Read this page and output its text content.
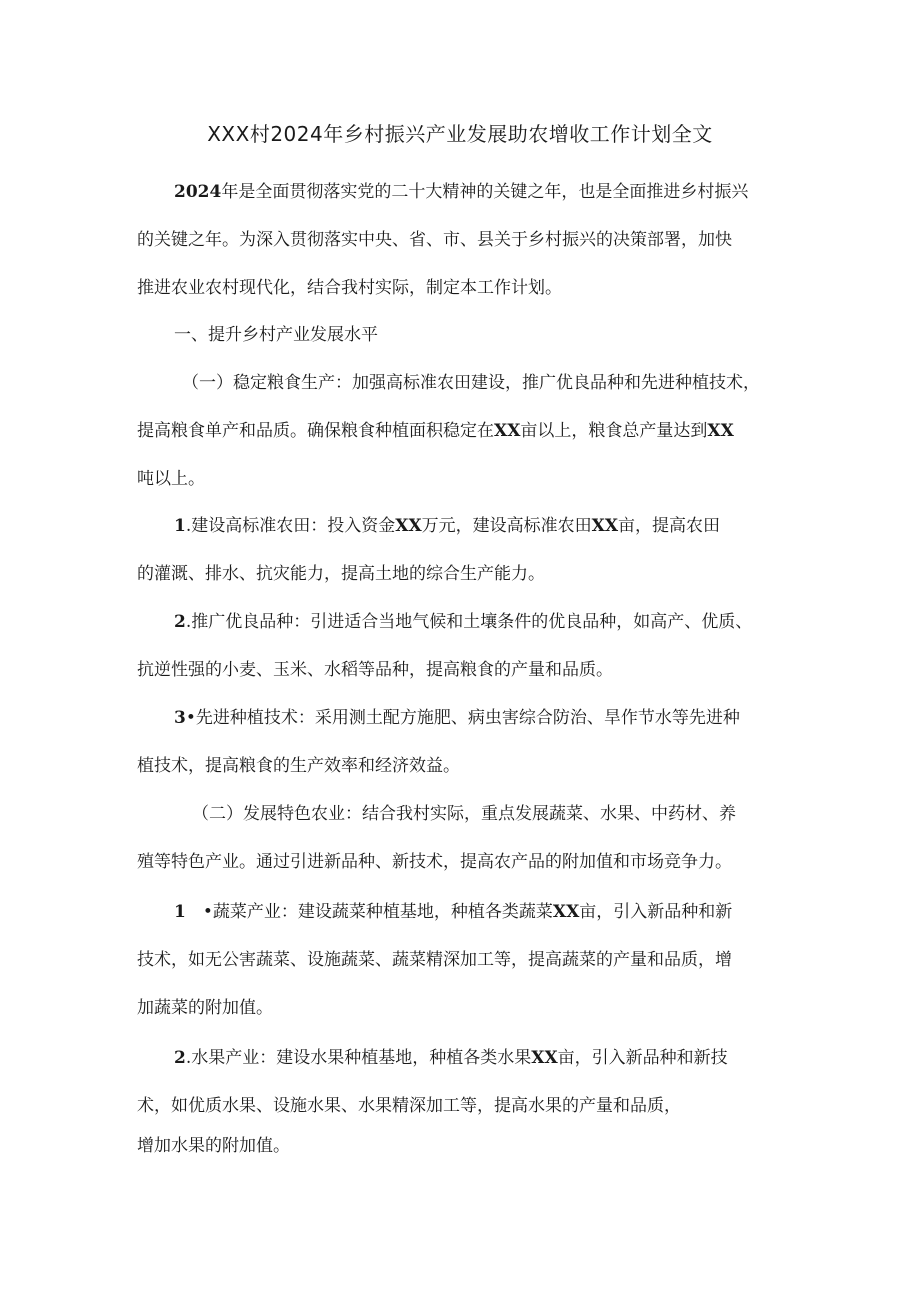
XXX村2024年乡村振兴产业发展助农增收工作计划全文

2024年是全面贯彻落实党的二十大精神的关键之年，也是全面推进乡村振兴
的关键之年。为深入贯彻落实中央、省、市、县关于乡村振兴的决策部署，加快
推进农业农村现代化，结合我村实际，制定本工作计划。

一、提升乡村产业发展水平

（一）稳定粮食生产：加强高标准农田建设，推广优良品种和先进种植技术，
提高粮食单产和品质。确保粮食种植面积稳定在XX亩以上，粮食总产量达到XX
吨以上。

1.建设高标准农田：投入资金XX万元，建设高标准农田XX亩，提高农田
的灌溉、排水、抗灾能力，提高土地的综合生产能力。

2.推广优良品种：引进适合当地气候和土壤条件的优良品种，如高产、优质、
抗逆性强的小麦、玉米、水稻等品种，提高粮食的产量和品质。

3•先进种植技术：采用测土配方施肥、病虫害综合防治、旱作节水等先进种
植技术，提高粮食的生产效率和经济效益。

（二）发展特色农业：结合我村实际，重点发展蔬菜、水果、中药材、养
殖等特色产业。通过引进新品种、新技术，提高农产品的附加值和市场竞争力。

1　•蔬菜产业：建设蔬菜种植基地，种植各类蔬菜XX亩，引入新品种和新
技术，如无公害蔬菜、设施蔬菜、蔬菜精深加工等，提高蔬菜的产量和品质，增
加蔬菜的附加值。

2.水果产业：建设水果种植基地，种植各类水果XX亩，引入新品种和新技
术，如优质水果、设施水果、水果精深加工等，提高水果的产量和品质，
增加水果的附加值。
